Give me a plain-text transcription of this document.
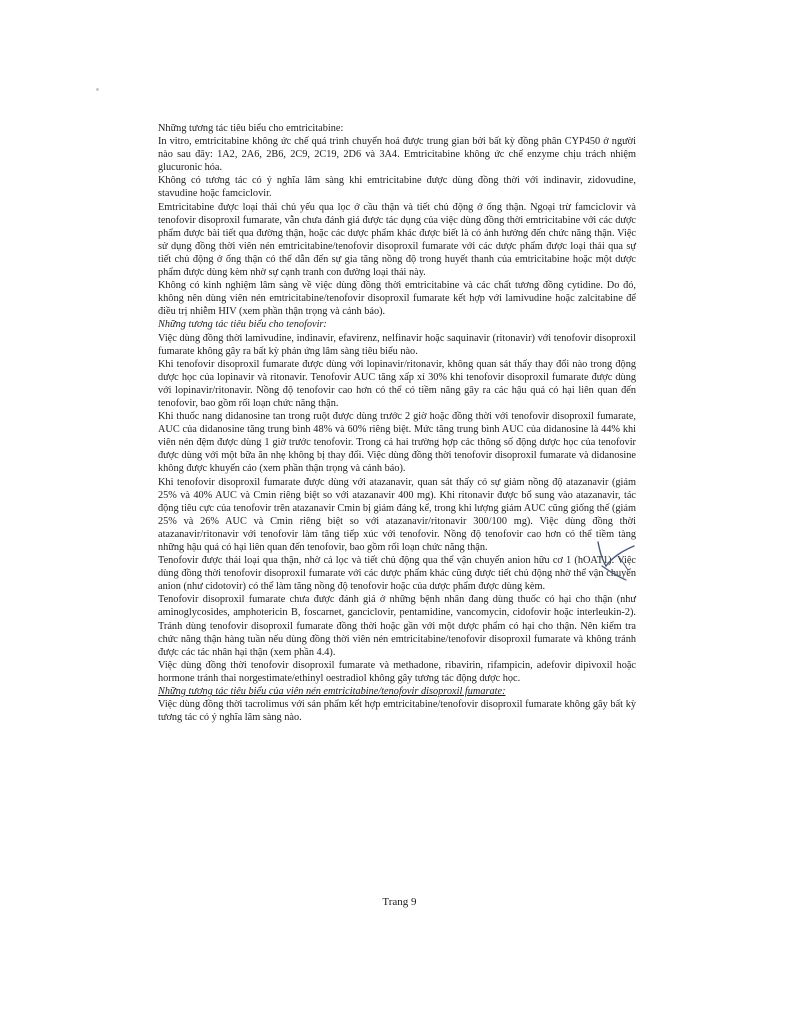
Những tương tác tiêu biểu cho emtricitabine:

In vitro, emtricitabine không ức chế quá trình chuyển hoá được trung gian bởi bất kỳ đồng phân CYP450 ở người nào sau đây: 1A2, 2A6, 2B6, 2C9, 2C19, 2D6 và 3A4. Emtricitabine không ức chế enzyme chịu trách nhiệm glucuronic hóa.

Không có tương tác có ý nghĩa lâm sàng khi emtricitabine được dùng đồng thời với indinavir, zidovudine, stavudine hoặc famciclovir.

Emtricitabine được loại thải chủ yếu qua lọc ở cầu thận và tiết chủ động ở ống thận. Ngoại trừ famciclovir và tenofovir disoproxil fumarate, vẫn chưa đánh giá được tác dụng của việc dùng đồng thời emtricitabine với các dược phẩm được bài tiết qua đường thận, hoặc các dược phẩm khác được biết là có ảnh hưởng đến chức năng thận. Việc sử dụng đồng thời viên nén emtricitabine/tenofovir disoproxil fumarate với các dược phẩm được loại thải qua sự tiết chủ động ở ống thận có thể dẫn đến sự gia tăng nồng độ trong huyết thanh của emtricitabine hoặc một dược phẩm được dùng kèm nhờ sự cạnh tranh con đường loại thải này.

Không có kinh nghiệm lâm sàng về việc dùng đồng thời emtricitabine và các chất tương đồng cytidine. Do đó, không nên dùng viên nén emtricitabine/tenofovir disoproxil fumarate kết hợp với lamivudine hoặc zalcitabine để điều trị nhiễm HIV (xem phần thận trọng và cảnh báo).

Những tương tác tiêu biểu cho tenofovir:

Việc dùng đồng thời lamivudine, indinavir, efavirenz, nelfinavir hoặc saquinavir (ritonavir) với tenofovir disoproxil fumarate không gây ra bất kỳ phản ứng lâm sàng tiêu biểu nào.

Khi tenofovir disoproxil fumarate được dùng với lopinavir/ritonavir, không quan sát thấy thay đổi nào trong động dược học của lopinavir và ritonavir. Tenofovir AUC tăng xấp xỉ 30% khi tenofovir disoproxil fumarate được dùng với lopinavir/ritonavir. Nồng độ tenofovir cao hơn có thể có tiềm năng gây ra các hậu quả có hại liên quan đến tenofovir, bao gồm rối loạn chức năng thận.

Khi thuốc nang didanosine tan trong ruột được dùng trước 2 giờ hoặc đồng thời với tenofovir disoproxil fumarate, AUC của didanosine tăng trung bình 48% và 60% riêng biệt. Mức tăng trung bình AUC của didanosine là 44% khi viên nén đệm được dùng 1 giờ trước tenofovir. Trong cả hai trường hợp các thông số động dược học của tenofovir được dùng với một bữa ăn nhẹ không bị thay đổi. Việc dùng đồng thời tenofovir disoproxil fumarate và didanosine không được khuyến cáo (xem phần thận trọng và cảnh báo).

Khi tenofovir disoproxil fumarate được dùng với atazanavir, quan sát thấy có sự giảm nồng độ atazanavir (giảm 25% và 40% AUC và Cmin riêng biệt so với atazanavir 400 mg). Khi ritonavir được bổ sung vào atazanavir, tác động tiêu cực của tenofovir trên atazanavir Cmin bị giảm đáng kể, trong khi lượng giảm AUC cũng giống thế (giảm 25% và 26% AUC và Cmin riêng biệt so với atazanavir/ritonavir 300/100 mg). Việc dùng đồng thời atazanavir/ritonavir với tenofovir làm tăng tiếp xúc với tenofovir. Nồng độ tenofovir cao hơn có thể tiềm tàng những hậu quả có hại liên quan đến tenofovir, bao gồm rối loạn chức năng thận.

Tenofovir được thải loại qua thận, nhờ cả lọc và tiết chủ động qua thể vận chuyển anion hữu cơ 1 (hOAT1). Việc dùng đồng thời tenofovir disoproxil fumarate với các dược phẩm khác cũng được tiết chủ động nhờ thể vận chuyển anion (như cidotovir) có thể làm tăng nồng độ tenofovir hoặc của dược phẩm được dùng kèm.

Tenofovir disoproxil fumarate chưa được đánh giá ở những bệnh nhân đang dùng thuốc có hại cho thận (như aminoglycosides, amphotericin B, foscarnet, ganciclovir, pentamidine, vancomycin, cidofovir hoặc interleukin-2). Tránh dùng tenofovir disoproxil fumarate đồng thời hoặc gần với một dược phẩm có hại cho thận. Nên kiểm tra chức năng thận hàng tuần nếu dùng đồng thời viên nén emtricitabine/tenofovir disoproxil fumarate và không tránh được các tác nhân hại thận (xem phần 4.4).

Việc dùng đồng thời tenofovir disoproxil fumarate và methadone, ribavirin, rifampicin, adefovir dipivoxil hoặc hormone tránh thai norgestimate/ethinyl oestradiol không gây tương tác động dược học.

Những tương tác tiêu biểu của viên nén emtricitabine/tenofovir disoproxil fumarate:

Việc dùng đồng thời tacrolimus với sản phẩm kết hợp emtricitabine/tenofovir disoproxil fumarate không gây bất kỳ tương tác có ý nghĩa lâm sàng nào.

Trang 9
